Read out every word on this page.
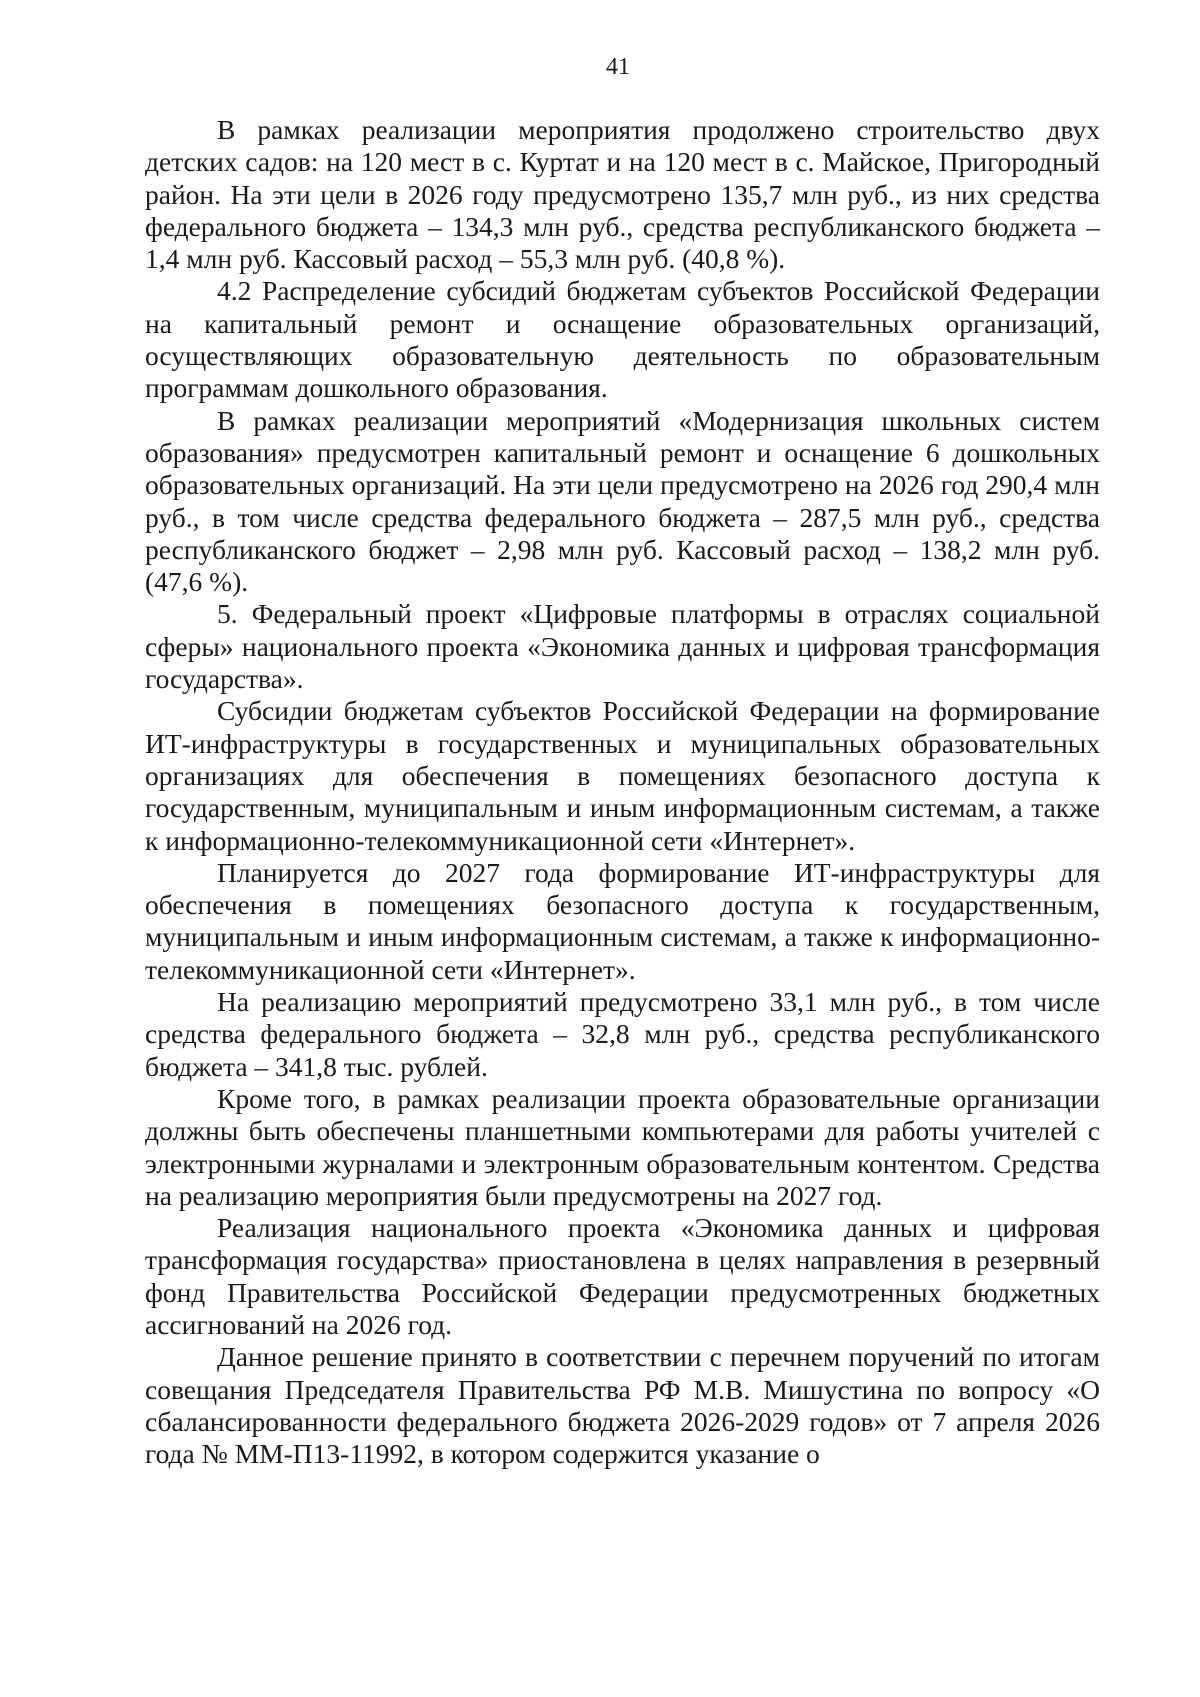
41

В рамках реализации мероприятия продолжено строительство двух детских садов: на 120 мест в с. Куртат и на 120 мест в с. Майское, Пригородный район. На эти цели в 2026 году предусмотрено 135,7 млн руб., из них средства федерального бюджета – 134,3 млн руб., средства республиканского бюджета – 1,4 млн руб. Кассовый расход – 55,3 млн руб. (40,8 %).

4.2 Распределение субсидий бюджетам субъектов Российской Федерации на капитальный ремонт и оснащение образовательных организаций, осуществляющих образовательную деятельность по образовательным программам дошкольного образования.

В рамках реализации мероприятий «Модернизация школьных систем образования» предусмотрен капитальный ремонт и оснащение 6 дошкольных образовательных организаций. На эти цели предусмотрено на 2026 год 290,4 млн руб., в том числе средства федерального бюджета – 287,5 млн руб., средства республиканского бюджет – 2,98 млн руб. Кассовый расход – 138,2 млн руб. (47,6 %).

5. Федеральный проект «Цифровые платформы в отраслях социальной сферы» национального проекта «Экономика данных и цифровая трансформация государства».

Субсидии бюджетам субъектов Российской Федерации на формирование ИТ-инфраструктуры в государственных и муниципальных образовательных организациях для обеспечения в помещениях безопасного доступа к государственным, муниципальным и иным информационным системам, а также к информационно-телекоммуникационной сети «Интернет».

Планируется до 2027 года формирование ИТ-инфраструктуры для обеспечения в помещениях безопасного доступа к государственным, муниципальным и иным информационным системам, а также к информационно-телекоммуникационной сети «Интернет».

На реализацию мероприятий предусмотрено 33,1 млн руб., в том числе средства федерального бюджета – 32,8 млн руб., средства республиканского бюджета – 341,8 тыс. рублей.

Кроме того, в рамках реализации проекта образовательные организации должны быть обеспечены планшетными компьютерами для работы учителей с электронными журналами и электронным образовательным контентом. Средства на реализацию мероприятия были предусмотрены на 2027 год.

Реализация национального проекта «Экономика данных и цифровая трансформация государства» приостановлена в целях направления в резервный фонд Правительства Российской Федерации предусмотренных бюджетных ассигнований на 2026 год.

Данное решение принято в соответствии с перечнем поручений по итогам совещания Председателя Правительства РФ М.В. Мишустина по вопросу «О сбалансированности федерального бюджета 2026-2029 годов» от 7 апреля 2026 года № ММ-П13-11992, в котором содержится указание о
